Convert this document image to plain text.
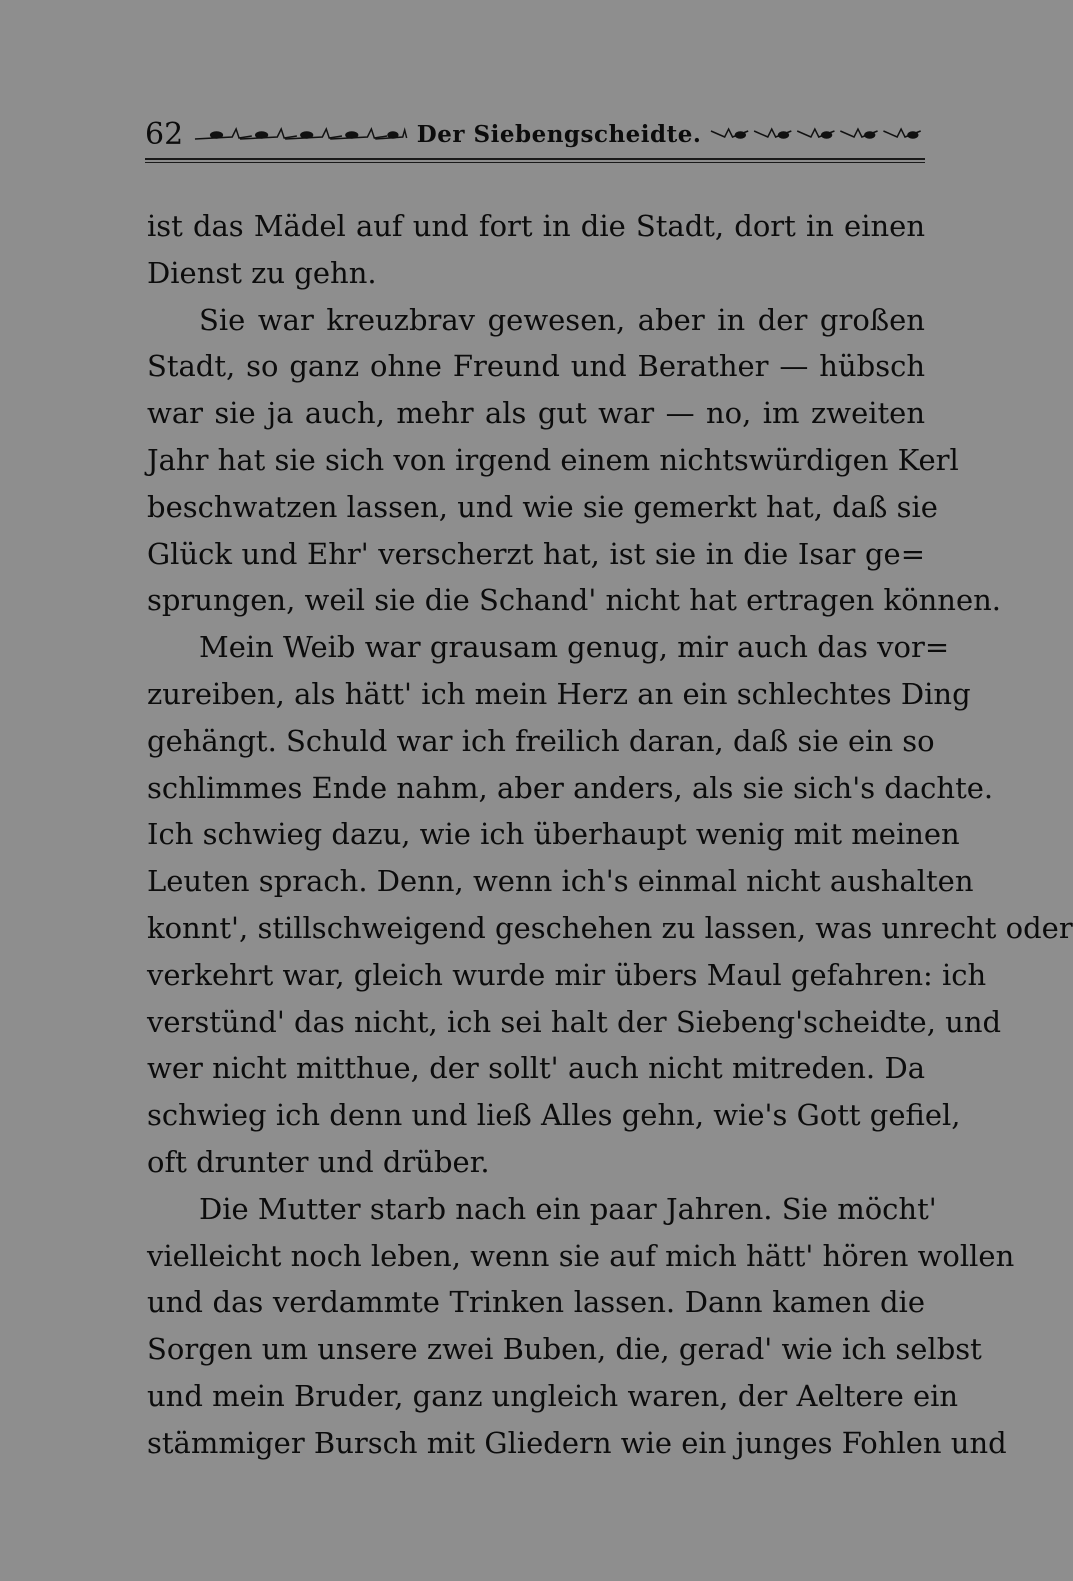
62	Der Siebengscheidte.
ist das Mädel auf und fort in die Stadt, dort in einen
Dienst zu gehn.
Sie war kreuzbrav gewesen, aber in der großen
Stadt, so ganz ohne Freund und Berather — hübsch
war sie ja auch, mehr als gut war — no, im zweiten
Jahr hat sie sich von irgend einem nichtswürdigen Kerl
beschwatzen lassen, und wie sie gemerkt hat, daß sie
Glück und Ehr' verscherzt hat, ist sie in die Isar ge=
sprungen, weil sie die Schand' nicht hat ertragen können.
Mein Weib war grausam genug, mir auch das vor=
zureiben, als hätt' ich mein Herz an ein schlechtes Ding
gehängt. Schuld war ich freilich daran, daß sie ein so
schlimmes Ende nahm, aber anders, als sie sich's dachte.
Ich schwieg dazu, wie ich überhaupt wenig mit meinen
Leuten sprach. Denn, wenn ich's einmal nicht aushalten
konnt', stillschweigend geschehen zu lassen, was unrecht oder
verkehrt war, gleich wurde mir übers Maul gefahren: ich
verstünd' das nicht, ich sei halt der Siebeng'scheidte, und
wer nicht mitthue, der sollt' auch nicht mitreden. Da
schwieg ich denn und ließ Alles gehn, wie's Gott gefiel,
oft drunter und drüber.
Die Mutter starb nach ein paar Jahren. Sie möcht'
vielleicht noch leben, wenn sie auf mich hätt' hören wollen
und das verdammte Trinken lassen. Dann kamen die
Sorgen um unsere zwei Buben, die, gerad' wie ich selbst
und mein Bruder, ganz ungleich waren, der Aeltere ein
stämmiger Bursch mit Gliedern wie ein junges Fohlen und
